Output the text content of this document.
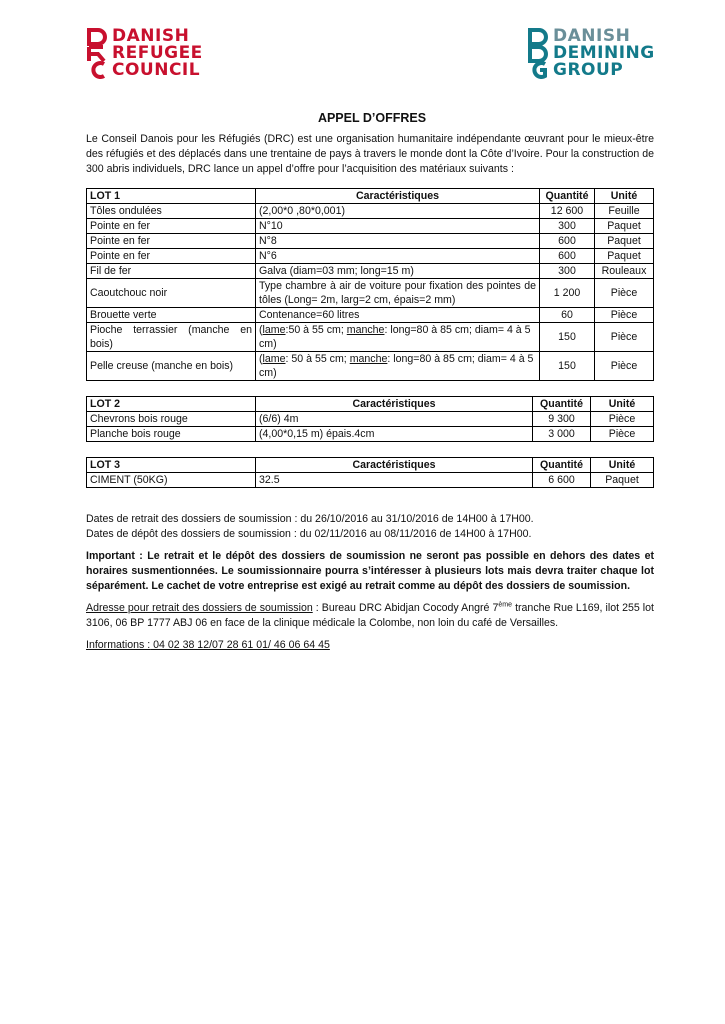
DANISH
REFUGEE
COUNCIL
DANISH
DEMINING
GROUP
APPEL D’OFFRES

Le Conseil Danois pour les Réfugiés (DRC) est une organisation humanitaire indépendante œuvrant pour le mieux-être des réfugiés et des déplacés dans une trentaine de pays à travers le monde dont la Côte d’Ivoire. Pour la construction de 300 abris individuels, DRC lance un appel d’offre pour l’acquisition des matériaux suivants :

LOT 1	Caractéristiques	Quantité	Unité
Tôles ondulées	(2,00*0 ,80*0,001)	12 600	Feuille
Pointe en fer	N°10	300	Paquet
Pointe en fer	N°8	600	Paquet
Pointe en fer	N°6	600	Paquet
Fil de fer	Galva (diam=03 mm; long=15 m)	300	Rouleaux
Caoutchouc noir	Type chambre à air de voiture pour fixation des pointes de tôles (Long= 2m, larg=2 cm, épais=2 mm)	1 200	Pièce
Brouette verte	Contenance=60 litres	60	Pièce
Pioche terrassier (manche en bois)	(lame:50 à 55 cm; manche: long=80 à 85 cm; diam= 4 à 5 cm)	150	Pièce
Pelle creuse (manche en bois)	(lame: 50 à 55 cm; manche: long=80 à 85 cm; diam= 4 à 5 cm)	150	Pièce
LOT 2	Caractéristiques	Quantité	Unité
Chevrons bois rouge	(6/6) 4m	9 300	Pièce
Planche bois rouge	(4,00*0,15 m) épais.4cm	3 000	Pièce
LOT 3	Caractéristiques	Quantité	Unité
CIMENT (50KG)	32.5	6 600	Paquet

Dates de retrait des dossiers de soumission : du 26/10/2016 au 31/10/2016 de 14H00 à 17H00.

Dates de dépôt des dossiers de soumission : du 02/11/2016 au 08/11/2016 de 14H00 à 17H00.

Important : Le retrait et le dépôt des dossiers de soumission ne seront pas possible en dehors des dates et horaires susmentionnées. Le soumissionnaire pourra s’intéresser à plusieurs lots mais devra traiter chaque lot séparément. Le cachet de votre entreprise est exigé au retrait comme au dépôt des dossiers de soumission.

Adresse pour retrait des dossiers de soumission : Bureau DRC Abidjan Cocody Angré 7ème tranche Rue L169, ilot 255 lot 3106, 06 BP 1777 ABJ 06 en face de la clinique médicale la Colombe, non loin du café de Versailles.

Informations : 04 02 38 12/07 28 61 01/ 46 06 64 45
